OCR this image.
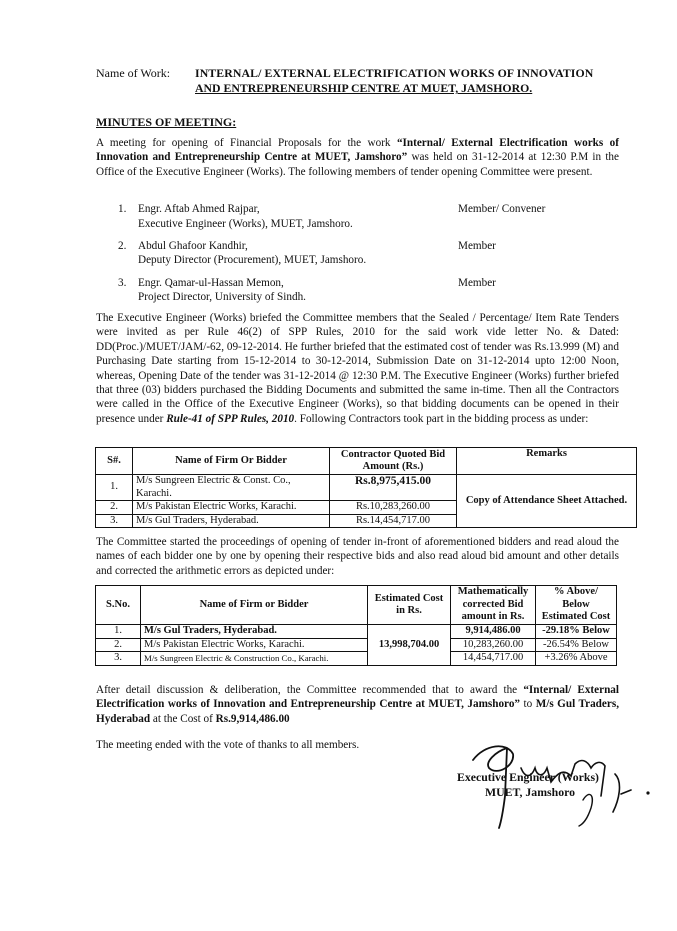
Name of Work: INTERNAL/ EXTERNAL ELECTRIFICATION WORKS OF INNOVATION
AND ENTREPRENEURSHIP CENTRE AT MUET, JAMSHORO.
MINUTES OF MEETING:

A meeting for opening of Financial Proposals for the work “Internal/ External Electrification works of Innovation and Entrepreneurship Centre at MUET, Jamshoro” was held on 31-12-2014 at 12:30 P.M in the Office of the Executive Engineer (Works). The following members of tender opening Committee were present.

1. Engr. Aftab Ahmed Rajpar,
Executive Engineer (Works), MUET, Jamshoro.
Member/ Convener
2. Abdul Ghafoor Kandhir,
Deputy Director (Procurement), MUET, Jamshoro.
Member
3. Engr. Qamar-ul-Hassan Memon,
Project Director, University of Sindh.
Member

The Executive Engineer (Works) briefed the Committee members that the Sealed / Percentage/ Item Rate Tenders were invited as per Rule 46(2) of SPP Rules, 2010 for the said work vide letter No. & Dated: DD(Proc.)/MUET/JAM/-62, 09-12-2014. He further briefed that the estimated cost of tender was Rs.13.999 (M) and Purchasing Date starting from 15-12-2014 to 30-12-2014, Submission Date on 31-12-2014 upto 12:00 Noon, whereas, Opening Date of the tender was 31-12-2014 @ 12:30 P.M. The Executive Engineer (Works) further briefed that three (03) bidders purchased the Bidding Documents and submitted the same in-time. Then all the Contractors were called in the Office of the Executive Engineer (Works), so that bidding documents can be opened in their presence under Rule-41 of SPP Rules, 2010. Following Contractors took part in the bidding process as under:

S#.	Name of Firm Or Bidder	Contractor Quoted Bid Amount (Rs.)	Remarks
1.	M/s Sungreen Electric & Const. Co., Karachi.	Rs.8,975,415.00	Copy of Attendance Sheet Attached.
2.	M/s Pakistan Electric Works, Karachi.	Rs.10,283,260.00	
3.	M/s Gul Traders, Hyderabad.	Rs.14,454,717.00	

The Committee started the proceedings of opening of tender in-front of aforementioned bidders and read aloud the names of each bidder one by one by opening their respective bids and also read aloud bid amount and other details and corrected the arithmetic errors as depicted under:

S.No.	Name of Firm or Bidder	Estimated Cost in Rs.	Mathematically corrected Bid amount in Rs.	% Above/ Below Estimated Cost
1.	M/s Gul Traders, Hyderabad.	13,998,704.00	9,914,486.00	-29.18% Below
2.	M/s Pakistan Electric Works, Karachi.		10,283,260.00	-26.54% Below
3.	M/s Sungreen Electric & Construction Co., Karachi.		14,454,717.00	+3.26% Above

After detail discussion & deliberation, the Committee recommended that to award the “Internal/ External Electrification works of Innovation and Entrepreneurship Centre at MUET, Jamshoro” to M/s Gul Traders, Hyderabad at the Cost of Rs.9,914,486.00

The meeting ended with the vote of thanks to all members.
Executive Engineer (Works)
MUET, Jamshoro
